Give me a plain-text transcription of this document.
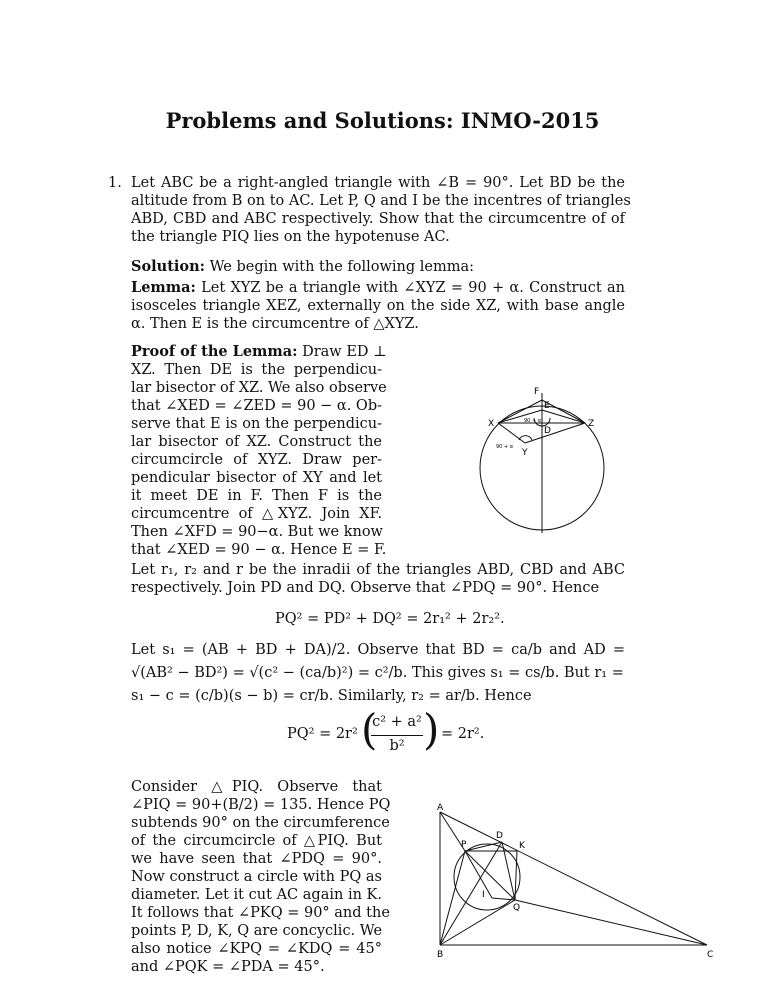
Problems and Solutions: INMO-2015
1. Let ABC be a right-angled triangle with ∠B = 90°. Let BD be the
altitude from B on to AC. Let P, Q and I be the incentres of triangles
ABD, CBD and ABC respectively. Show that the circumcentre of of
the triangle PIQ lies on the hypotenuse AC.
Solution: We begin with the following lemma:
Lemma: Let XYZ be a triangle with ∠XYZ = 90 + α. Construct an
isosceles triangle XEZ, externally on the side XZ, with base angle
α. Then E is the circumcentre of △XYZ.
Proof of the Lemma: Draw ED ⊥
XZ. Then DE is the perpendicu-
lar bisector of XZ. We also observe
that ∠XED = ∠ZED = 90 − α. Ob-
serve that E is on the perpendicu-
lar bisector of XZ. Construct the
circumcircle of XYZ. Draw per-
pendicular bisector of XY and let
it meet DE in F. Then F is the
circumcentre of △XYZ. Join XF.
Then ∠XFD = 90−α. But we know
that ∠XED = 90 − α. Hence E = F.
F
E
X	Z
D
Y
90 − α
90 + α
Let r₁, r₂ and r be the inradii of the triangles ABD, CBD and ABC
respectively. Join PD and DQ. Observe that ∠PDQ = 90°. Hence
PQ² = PD² + DQ² = 2r₁² + 2r₂².
Let s₁ = (AB + BD + DA)/2. Observe that BD = ca/b and AD =
√(AB² − BD²) = √(c² − (ca/b)²) = c²/b. This gives s₁ = cs/b. But r₁ =
s₁ − c = (c/b)(s − b) = cr/b. Similarly, r₂ = ar/b. Hence
PQ² = 2r² (
c² + a²
b² ) = 2r².
Consider △PIQ. Observe that
∠PIQ = 90+(B/2) = 135. Hence PQ
subtends 90° on the circumference
of the circumcircle of △PIQ. But
we have seen that ∠PDQ = 90°.
Now construct a circle with PQ as
diameter. Let it cut AC again in K.
It follows that ∠PKQ = 90° and the
points P, D, K, Q are concyclic. We
also notice ∠KPQ = ∠KDQ = 45°
and ∠PQK = ∠PDA = 45°.
A
B	C
P
D
K
I
Q
